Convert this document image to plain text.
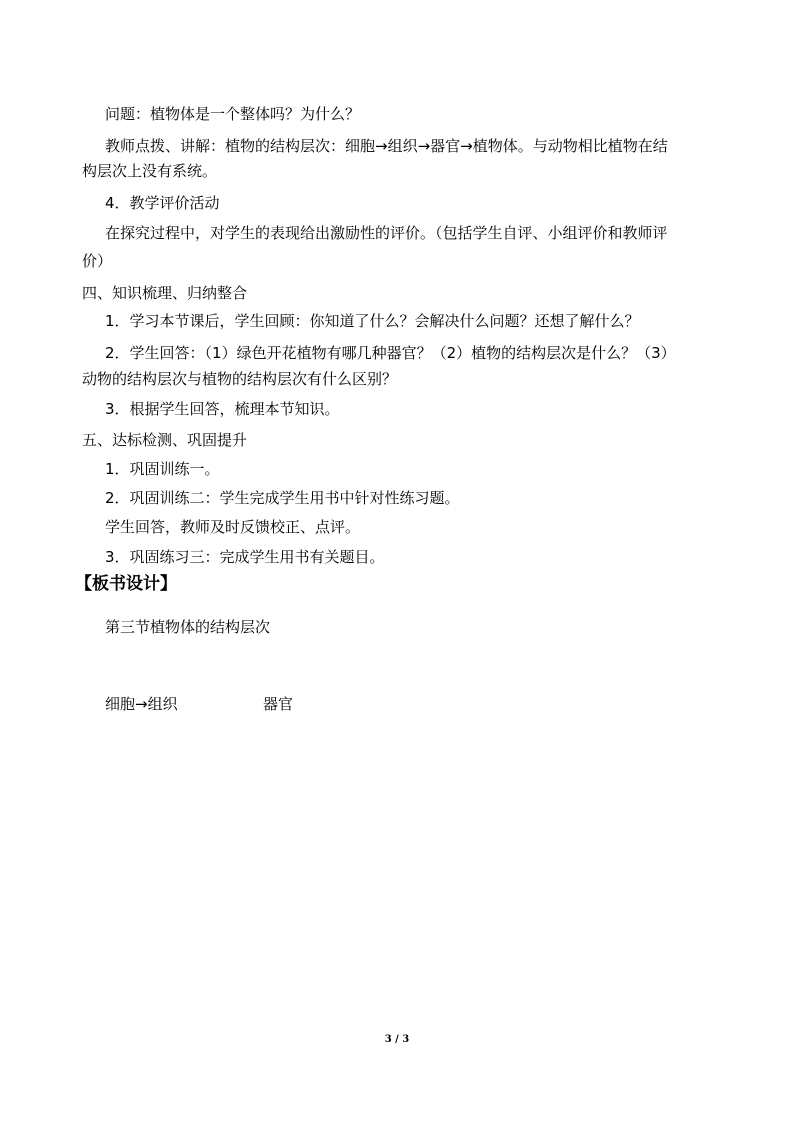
问题：植物体是一个整体吗？为什么？
教师点拨、讲解：植物的结构层次：细胞→组织→器官→植物体。与动物相比植物在结
构层次上没有系统。
4．教学评价活动
在探究过程中，对学生的表现给出激励性的评价。（包括学生自评、小组评价和教师评
价）
四、知识梳理、归纳整合
1．学习本节课后，学生回顾：你知道了什么？会解决什么问题？还想了解什么？
2．学生回答：（1）绿色开花植物有哪几种器官？（2）植物的结构层次是什么？（3）
动物的结构层次与植物的结构层次有什么区别？
3．根据学生回答，梳理本节知识。
五、达标检测、巩固提升
1．巩固训练一。
2．巩固训练二：学生完成学生用书中针对性练习题。
学生回答，教师及时反馈校正、点评。
3．巩固练习三：完成学生用书有关题目。
【板书设计】
第三节植物体的结构层次
细胞→组织	器官
3 / 3
